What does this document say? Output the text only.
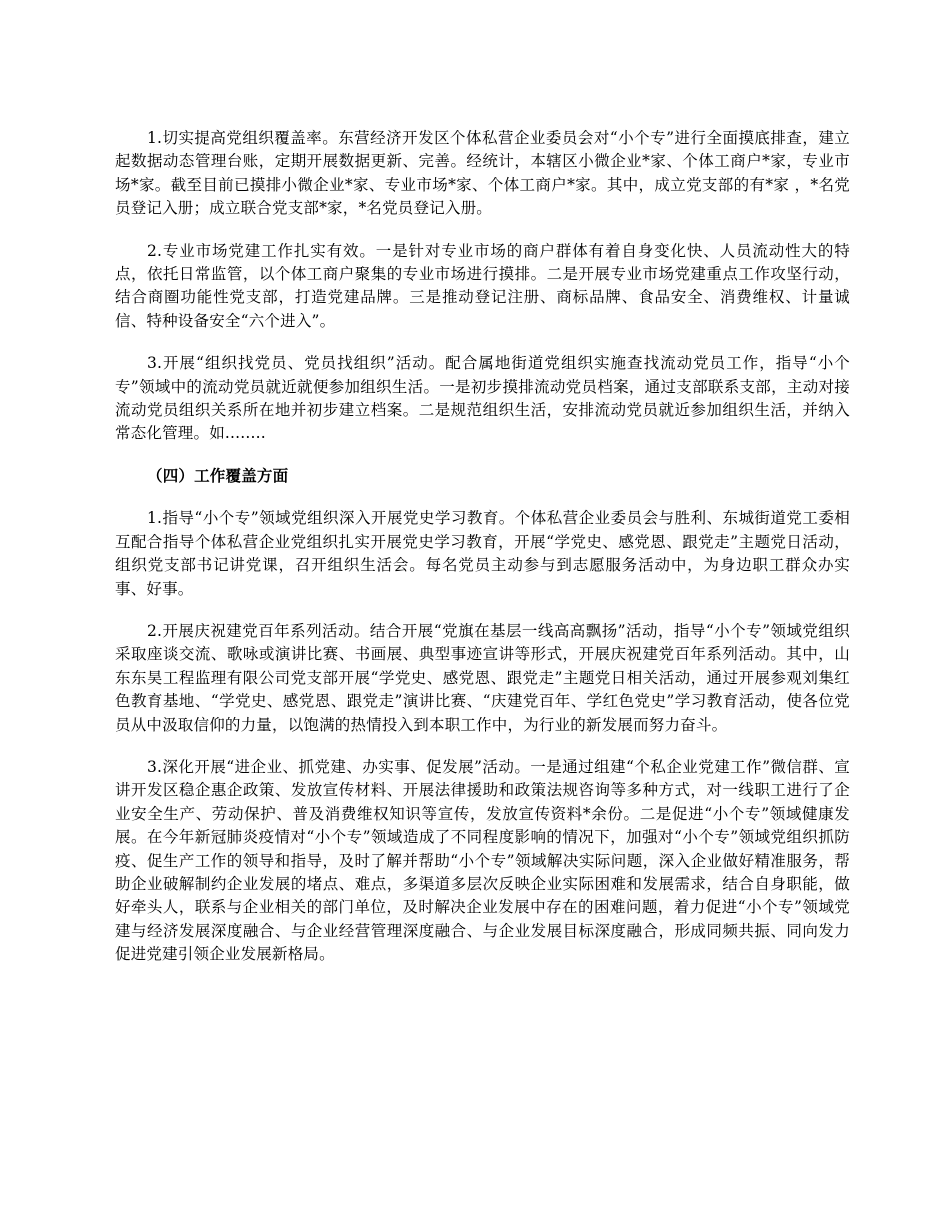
1.切实提高党组织覆盖率。东营经济开发区个体私营企业委员会对“小个专”进行全面摸底排查，建立起数据动态管理台账，定期开展数据更新、完善。经统计，本辖区小微企业*家、个体工商户*家，专业市场*家。截至目前已摸排小微企业*家、专业市场*家、个体工商户*家。其中，成立党支部的有*家 ，*名党员登记入册；成立联合党支部*家，*名党员登记入册。

2.专业市场党建工作扎实有效。一是针对专业市场的商户群体有着自身变化快、人员流动性大的特点，依托日常监管，以个体工商户聚集的专业市场进行摸排。二是开展专业市场党建重点工作攻坚行动，结合商圈功能性党支部，打造党建品牌。三是推动登记注册、商标品牌、食品安全、消费维权、计量诚信、特种设备安全“六个进入”。

3.开展“组织找党员、党员找组织”活动。配合属地街道党组织实施查找流动党员工作，指导“小个专”领域中的流动党员就近就便参加组织生活。一是初步摸排流动党员档案，通过支部联系支部，主动对接流动党员组织关系所在地并初步建立档案。二是规范组织生活，安排流动党员就近参加组织生活，并纳入常态化管理。如........

（四）工作覆盖方面

1.指导“小个专”领域党组织深入开展党史学习教育。个体私营企业委员会与胜利、东城街道党工委相互配合指导个体私营企业党组织扎实开展党史学习教育，开展“学党史、感党恩、跟党走”主题党日活动，组织党支部书记讲党课，召开组织生活会。每名党员主动参与到志愿服务活动中，为身边职工群众办实事、好事。

2.开展庆祝建党百年系列活动。结合开展“党旗在基层一线高高飘扬”活动，指导“小个专”领域党组织采取座谈交流、歌咏或演讲比赛、书画展、典型事迹宣讲等形式，开展庆祝建党百年系列活动。其中，山东东昊工程监理有限公司党支部开展“学党史、感党恩、跟党走”主题党日相关活动，通过开展参观刘集红色教育基地、“学党史、感党恩、跟党走”演讲比赛、“庆建党百年、学红色党史”学习教育活动，使各位党员从中汲取信仰的力量，以饱满的热情投入到本职工作中，为行业的新发展而努力奋斗。

3.深化开展“进企业、抓党建、办实事、促发展”活动。一是通过组建“个私企业党建工作”微信群、宣讲开发区稳企惠企政策、发放宣传材料、开展法律援助和政策法规咨询等多种方式，对一线职工进行了企业安全生产、劳动保护、普及消费维权知识等宣传，发放宣传资料*余份。二是促进“小个专”领域健康发展。在今年新冠肺炎疫情对“小个专”领域造成了不同程度影响的情况下，加强对“小个专”领域党组织抓防疫、促生产工作的领导和指导，及时了解并帮助“小个专”领域解决实际问题，深入企业做好精准服务，帮助企业破解制约企业发展的堵点、难点，多渠道多层次反映企业实际困难和发展需求，结合自身职能，做好牵头人，联系与企业相关的部门单位，及时解决企业发展中存在的困难问题，着力促进“小个专”领域党建与经济发展深度融合、与企业经营管理深度融合、与企业发展目标深度融合，形成同频共振、同向发力促进党建引领企业发展新格局。
